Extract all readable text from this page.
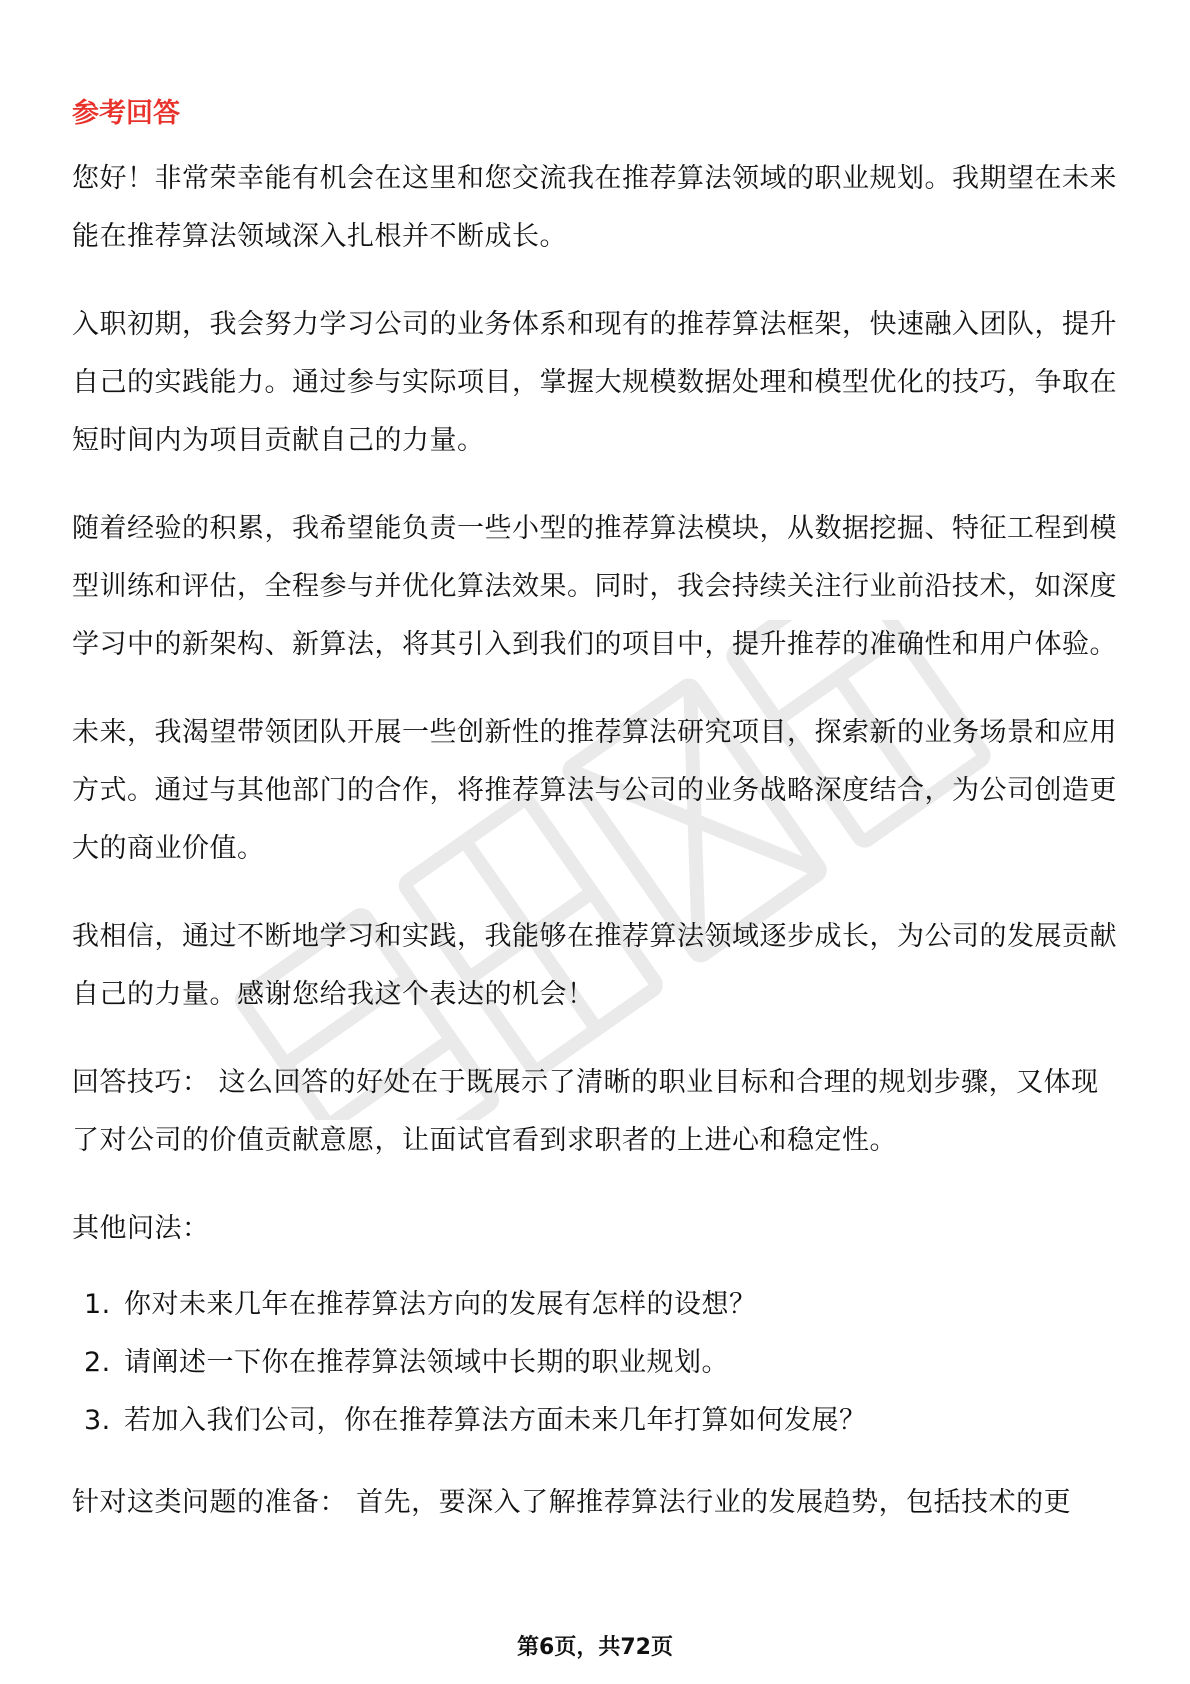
参考回答

您好！非常荣幸能有机会在这里和您交流我在推荐算法领域的职业规划。我期望在未来能在推荐算法领域深入扎根并不断成长。

入职初期，我会努力学习公司的业务体系和现有的推荐算法框架，快速融入团队，提升自己的实践能力。通过参与实际项目，掌握大规模数据处理和模型优化的技巧，争取在短时间内为项目贡献自己的力量。

随着经验的积累，我希望能负责一些小型的推荐算法模块，从数据挖掘、特征工程到模型训练和评估，全程参与并优化算法效果。同时，我会持续关注行业前沿技术，如深度学习中的新架构、新算法，将其引入到我们的项目中，提升推荐的准确性和用户体验。

未来，我渴望带领团队开展一些创新性的推荐算法研究项目，探索新的业务场景和应用方式。通过与其他部门的合作，将推荐算法与公司的业务战略深度结合，为公司创造更大的商业价值。

我相信，通过不断地学习和实践，我能够在推荐算法领域逐步成长，为公司的发展贡献自己的力量。感谢您给我这个表达的机会！

回答技巧： 这么回答的好处在于既展示了清晰的职业目标和合理的规划步骤，又体现了对公司的价值贡献意愿，让面试官看到求职者的上进心和稳定性。

其他问法：

1. 你对未来几年在推荐算法方向的发展有怎样的设想？
2. 请阐述一下你在推荐算法领域中长期的职业规划。
3. 若加入我们公司，你在推荐算法方面未来几年打算如何发展？

针对这类问题的准备： 首先，要深入了解推荐算法行业的发展趋势，包括技术的更

第6页，共72页
